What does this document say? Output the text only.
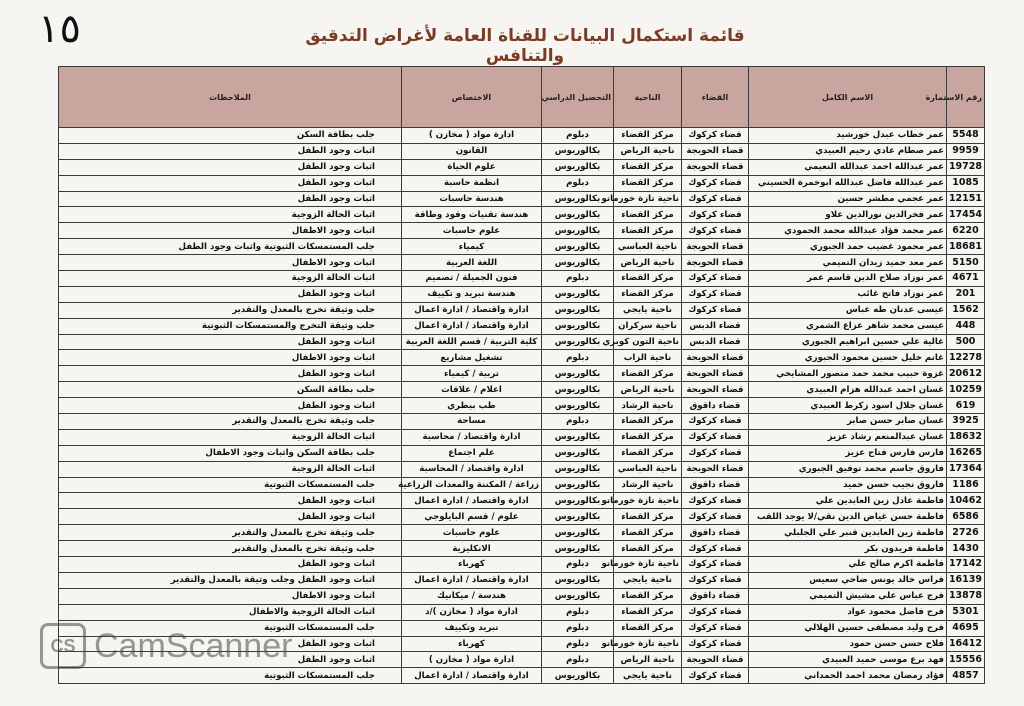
١٥	قائمة استكمال البيانات للقناة العامة لأغراض التدقيق والتنافس
رقم الاستمارة	الاسم الكامل	القضاء	الناحية	التحصيل الدراسي	الاختصاص	الملاحظات
5548	عمر خطاب عبدل خورشيد	قضاء كركوك	مركز القضاء	دبلوم	ادارة مواد ( مخازن )	جلب بطاقة السكن
9959	عمر صطام عادي رحيم العبيدي	قضاء الحويجة	ناحية الرياض	بكالوريوس	القانون	اثبات وجود الطفل
19728	عمر عبدالله احمد عبدالله النعيمي	قضاء الحويجة	مركز القضاء	بكالوريوس	علوم الحياة	اثبات وجود الطفل
1085	عمر عبدالله فاضل عبدالله ابوخمرة الحسيني	قضاء كركوك	مركز القضاء	دبلوم	انظمة حاسبة	اثبات وجود الطفل
12151	عمر عجمي مطشر حسين	قضاء كركوك	ناحية تازة خورماتو	بكالوريوس	هندسة حاسبات	اثبات وجود الطفل
17454	عمر فخرالدين نورالدين علاو	قضاء كركوك	مركز القضاء	بكالوريوس	هندسة تقنيات وقود وطاقة	اثبات الحالة الزوجية
6220	عمر محمد فؤاد عبدالله محمد الحمودي	قضاء كركوك	مركز القضاء	بكالوريوس	علوم حاسبات	اثبات وجود الاطفال
18681	عمر محمود غضيب حمد الجبوري	قضاء الحويجة	ناحية العباسي	بكالوريوس	كيمياء	جلب المستمسكات الثبوتية واثبات وجود الطفل
5150	عمر معد حميد زيدان التميمي	قضاء الحويجة	ناحية الرياض	بكالوريوس	اللغة العربية	اثبات وجود الاطفال
4671	عمر نوزاد صلاح الدين قاسم عمر	قضاء كركوك	مركز القضاء	دبلوم	فنون الجميلة / تصميم	اثبات الحالة الزوجية
201	عمر نوزاد فاتح غائب	قضاء كركوك	مركز القضاء	بكالوريوس	هندسة تبريد و تكييف	اثبات وجود الطفل
1562	عيسى عدنان طه عباس	قضاء كركوك	ناحية يايجي	بكالوريوس	ادارة واقتصاد / ادارة اعمال	جلب وثيقة تخرج بالمعدل والتقدير
448	عيسى محمد شاهر عزاع الشمري	قضاء الدبس	ناحية سركران	بكالوريوس	ادارة واقتصاد / ادارة اعمال	جلب وثيقة التخرج والمستمسكات الثبوتية
500	غالية علي حسين ابراهيم الجبوري	قضاء الدبس	ناحية التون كوبري	بكالوريوس	كلية التربية / قسم اللغة العربية	اثبات وجود الطفل
12278	غانم خليل حسين محمود الجبوري	قضاء الحويجة	ناحية الزاب	دبلوم	تشغيل مشاريع	اثبات وجود الاطفال
20612	غزوة حبيب محمد حمد منصور المشايخي	قضاء الحويجة	مركز القضاء	بكالوريوس	تربية / كيمياء	اثبات وجود الطفل
10259	غسان احمد عبدالله هزام العبيدي	قضاء الحويجة	ناحية الرياض	بكالوريوس	اعلام / علاقات	جلب بطاقة السكن
619	غسان جلال اسود زكرط العبيدي	قضاء داقوق	ناحية الرشاد	بكالوريوس	طب بيطري	اثبات وجود الطفل
3925	غسان صابر حسن صابر	قضاء كركوك	مركز القضاء	دبلوم	مساحة	جلب وثيقة تخرج بالمعدل والتقدير
18632	غسان عبدالمنعم رشاد عزيز	قضاء كركوك	مركز القضاء	بكالوريوس	ادارة واقتصاد / محاسبة	اثبات الحالة الزوجية
16265	فارس فارس فتاح عزيز	قضاء كركوك	مركز القضاء	بكالوريوس	علم اجتماع	جلب بطاقة السكن واثبات وجود الاطفال
17364	فاروق جاسم محمد توفيق الجبوري	قضاء الحويجة	ناحية العباسي	بكالوريوس	ادارة واقتصاد / المحاسبة	اثبات الحالة الزوجية
1186	فاروق نجيب حسن حميد	قضاء داقوق	ناحية الرشاد	بكالوريوس	زراعة / المكننة والمعدات الزراعية	جلب المستمسكات الثبوتية
10462	فاطمة عادل زين العابدين علي	قضاء كركوك	ناحية تازة خورماتو	بكالوريوس	ادارة واقتصاد / ادارة اعمال	اثبات وجود الطفل
6586	فاطمة حسن غياض الدين نقي/لا يوجد اللقب	قضاء كركوك	مركز القضاء	بكالوريوس	علوم / قسم البايلوجي	اثبات وجود الطفل
2726	فاطمة زين العابدين قنبر علي الجلبلي	قضاء داقوق	مركز القضاء	بكالوريوس	علوم حاسبات	جلب وثيقة تخرج بالمعدل والتقدير
1430	فاطمة فريدون بكر	قضاء كركوك	مركز القضاء	بكالوريوس	الانكليزية	جلب وثيقة تخرج بالمعدل والتقدير
17142	فاطمة اكرم صالح علي	قضاء كركوك	ناحية تازة خورماتو	دبلوم	كهرباء	اثبات وجود الطفل
16139	فراس خالد يونس ضاحي سعيس	قضاء كركوك	ناحية يايجي	بكالوريوس	ادارة واقتصاد / ادارة اعمال	اثبات وجود الطفل وجلب وثيقة بالمعدل والتقدير
13878	فرج عباس علي مشيش التميمي	قضاء داقوق	مركز القضاء	بكالوريوس	هندسة / ميكانيك	اثبات وجود الاطفال
5301	فرح فاضل محمود عواد	قضاء كركوك	مركز القضاء	دبلوم	ادارة مواد ( مخازن )/د	اثبات الحالة الزوجية والاطفال
4695	فرح وليد مصطفى حسين الهلالي	قضاء كركوك	مركز القضاء	دبلوم	تبريد وتكييف	جلب المستمسكات الثبوتية
16412	فلاح حسن حسن حمود	قضاء كركوك	ناحية تازة خورماتو	دبلوم	كهرباء	اثبات وجود الطفل
15556	فهد برع موسى حميد العبيدي	قضاء الحويجة	ناحية الرياض	دبلوم	ادارة مواد ( مخازن )	اثبات وجود الطفل
4857	فؤاد رمضان محمد احمد الحمداني	قضاء كركوك	ناحية يايجي	بكالوريوس	ادارة واقتصاد / ادارة اعمال	جلب المستمسكات الثبوتية
CS CamScanner
